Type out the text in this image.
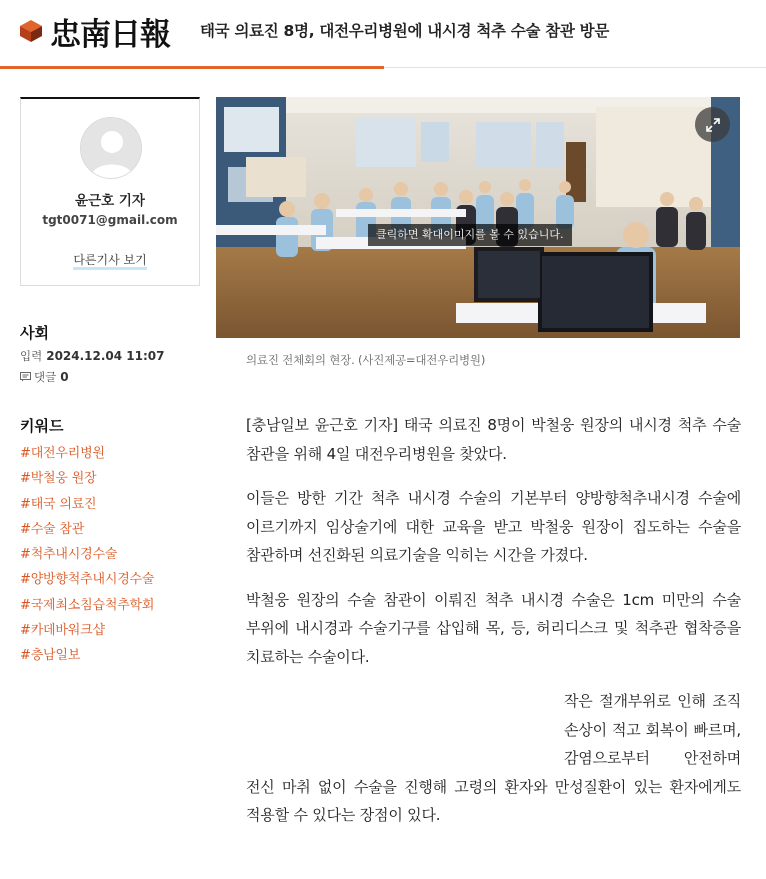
忠南日報 태국 의료진 8명, 대전우리병원에 내시경 척추 수술 참관 방문
윤근호 기자
tgt0071@gmail.com
다른기사 보기
사회
입력 2024.12.04 11:07
댓글 0
키워드
#대전우리병원
#박철웅 원장
#태국 의료진
#수술 참관
#척추내시경수술
#양방향척추내시경수술
#국제최소침습척추학회
#카데바워크샵
#충남일보
클릭하면 확대이미지를 볼 수 있습니다.
의료진 전체회의 현장. (사진제공=대전우리병원)

[충남일보 윤근호 기자] 태국 의료진 8명이 박철웅 원장의 내시경 척추 수술 참관을 위해 4일 대전우리병원을 찾았다.

이들은 방한 기간 척추 내시경 수술의 기본부터 양방향척추내시경 수술에 이르기까지 임상술기에 대한 교육을 받고 박철웅 원장이 집도하는 수술을 참관하며 선진화된 의료기술을 익히는 시간을 가졌다.

박철웅 원장의 수술 참관이 이뤄진 척추 내시경 수술은 1cm 미만의 수술 부위에 내시경과 수술기구를 삽입해 목, 등, 허리디스크 및 척추관 협착증을 치료하는 수술이다.

작은 절개부위로 인해 조직 손상이 적고 회복이 빠르며, 감염으로부터 안전하며 전신 마취 없이 수술을 진행해 고령의 환자와 만성질환이 있는 환자에게도 적용할 수 있다는 장점이 있다.
